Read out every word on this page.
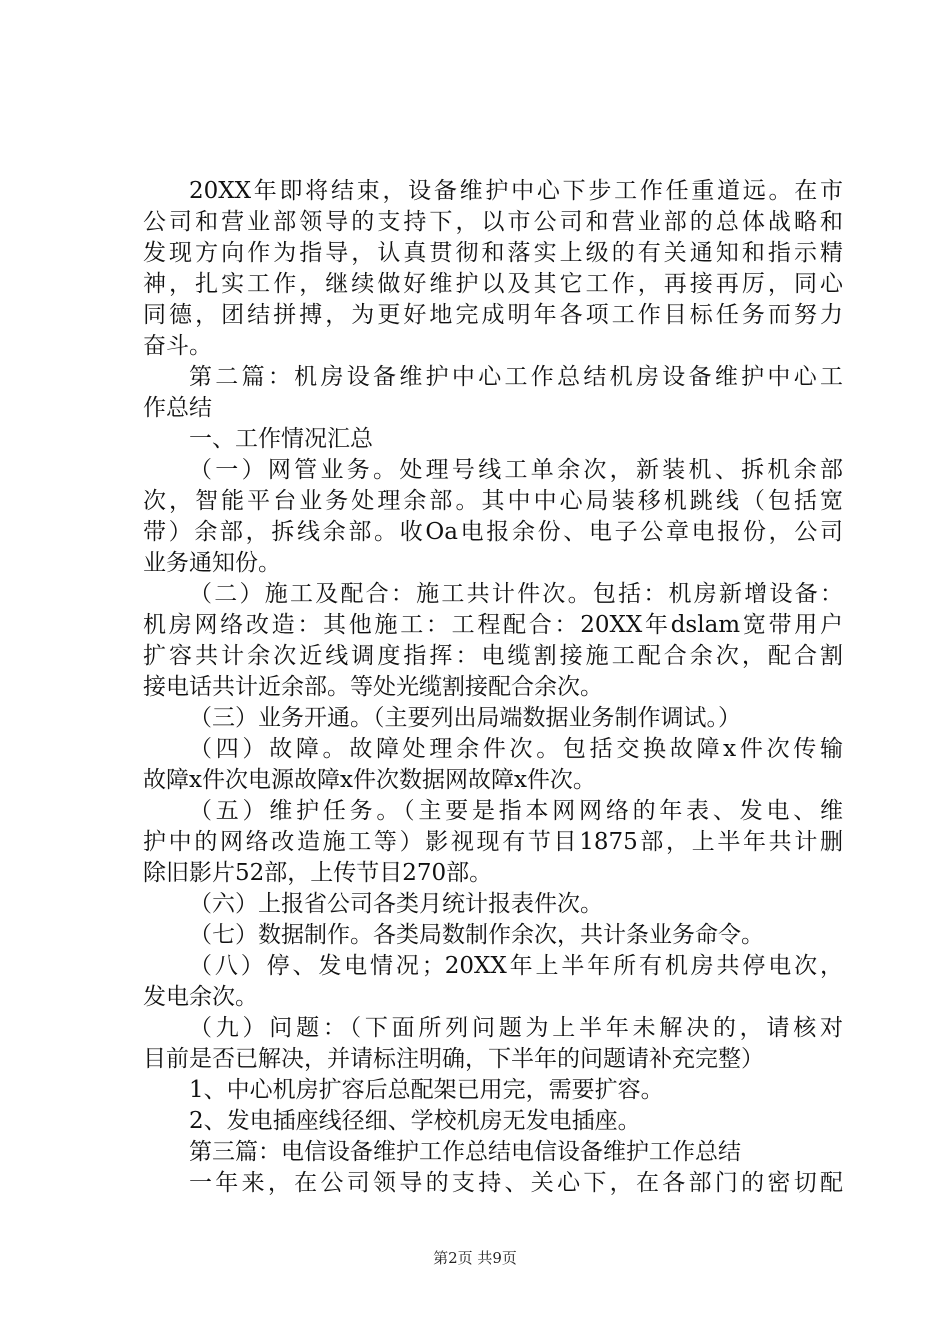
20XX年即将结束，设备维护中心下步工作任重道远。在市
公司和营业部领导的支持下，以市公司和营业部的总体战略和
发现方向作为指导，认真贯彻和落实上级的有关通知和指示精
神，扎实工作，继续做好维护以及其它工作，再接再厉，同心
同德，团结拼搏，为更好地完成明年各项工作目标任务而努力
奋斗。
第二篇：机房设备维护中心工作总结机房设备维护中心工
作总结
一、工作情况汇总
（一）网管业务。处理号线工单余次，新装机、拆机余部
次，智能平台业务处理余部。其中中心局装移机跳线（包括宽
带）余部，拆线余部。收Oa电报余份、电子公章电报份，公司
业务通知份。
（二）施工及配合：施工共计件次。包括：机房新增设备：
机房网络改造：其他施工：工程配合：20XX年dslam宽带用户
扩容共计余次近线调度指挥：电缆割接施工配合余次，配合割
接电话共计近余部。等处光缆割接配合余次。
（三）业务开通。（主要列出局端数据业务制作调试。）
（四）故障。故障处理余件次。包括交换故障x件次传输
故障x件次电源故障x件次数据网故障x件次。
（五）维护任务。（主要是指本网网络的年表、发电、维
护中的网络改造施工等）影视现有节目1875部，上半年共计删
除旧影片52部，上传节目270部。
（六）上报省公司各类月统计报表件次。
（七）数据制作。各类局数制作余次，共计条业务命令。
（八）停、发电情况；20XX年上半年所有机房共停电次，
发电余次。
（九）问题：（下面所列问题为上半年未解决的，请核对
目前是否已解决，并请标注明确，下半年的问题请补充完整）
1、中心机房扩容后总配架已用完，需要扩容。
2、发电插座线径细、学校机房无发电插座。
第三篇：电信设备维护工作总结电信设备维护工作总结
一年来，在公司领导的支持、关心下，在各部门的密切配
第2页 共9页
